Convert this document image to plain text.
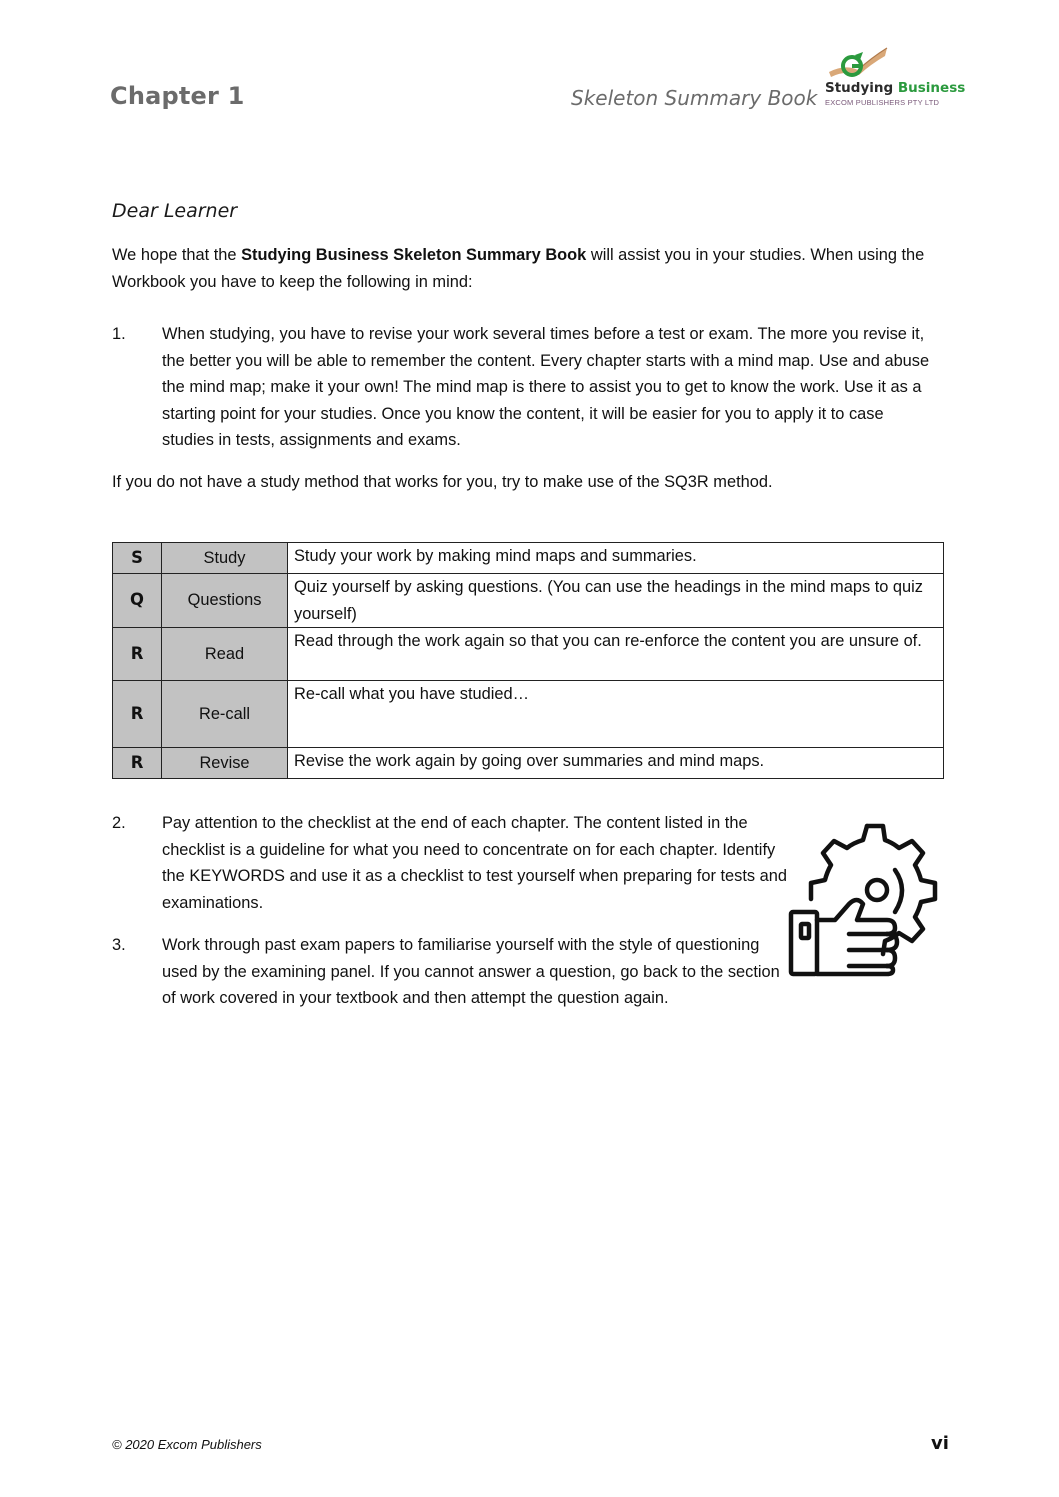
Chapter 1	Skeleton Summary Book Studying Business
EXCOM PUBLISHERS PTY LTD
Dear Learner

We hope that the Studying Business Skeleton Summary Book will assist you in your studies. When using the Workbook you have to keep the following in mind:

1. When studying, you have to revise your work several times before a test or exam. The more you revise it, the better you will be able to remember the content. Every chapter starts with a mind map. Use and abuse the mind map; make it your own! The mind map is there to assist you to get to know the work. Use it as a starting point for your studies. Once you know the content, it will be easier for you to apply it to case studies in tests, assignments and exams.

If you do not have a study method that works for you, try to make use of the SQ3R method.

S	Study	Study your work by making mind maps and summaries.
Q	Questions	Quiz yourself by asking questions. (You can use the headings in the mind maps to quiz yourself)
R	Read	Read through the work again so that you can re-enforce the content you are unsure of.
R	Re-call	Re-call what you have studied…
R	Revise	Revise the work again by going over summaries and mind maps.
2. Pay attention to the checklist at the end of each chapter. The content listed in the checklist is a guideline for what you need to concentrate on for each chapter. Identify the KEYWORDS and use it as a checklist to test yourself when preparing for tests and examinations.
3. Work through past exam papers to familiarise yourself with the style of questioning used by the examining panel. If you cannot answer a question, go back to the section of work covered in your textbook and then attempt the question again.
© 2020 Excom Publishers	vi
